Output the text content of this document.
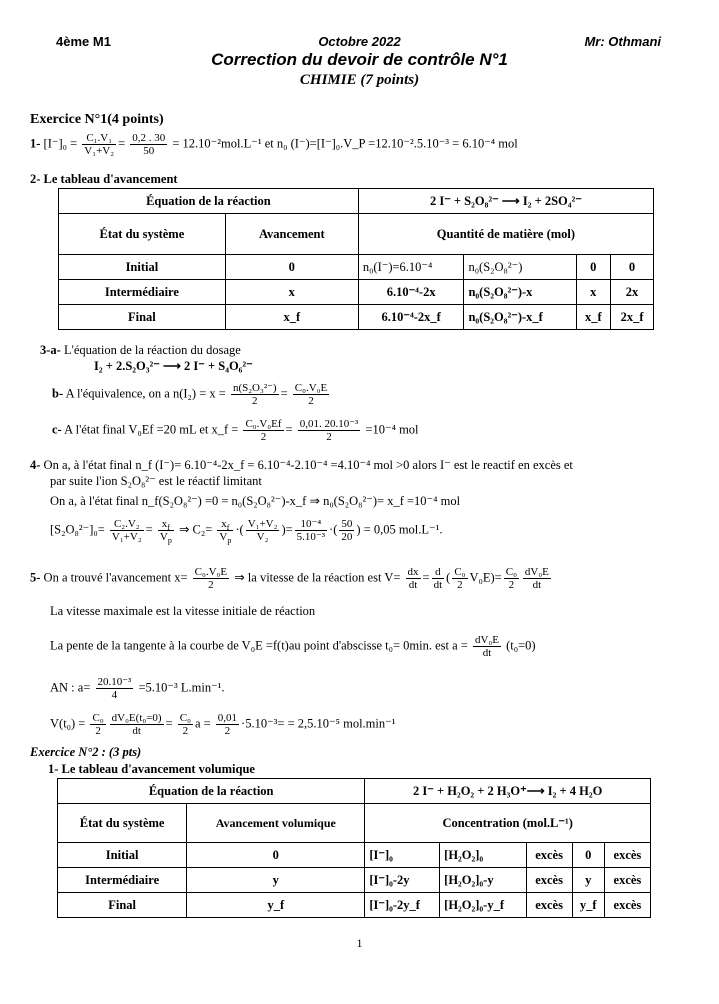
4ème M1	Octobre 2022	Mr: Othmani
Correction du devoir de contrôle N°1
CHIMIE (7 points)
Exercice N°1(4 points)
1- $[I^-]_0 = \frac{\text{C₁.V₁}}{\text{V₁+V₂}} = \frac{0,2 . 30}{50} = 12.10^{-2}mol.L^{-1}$ et n₀ (I⁻)=[I⁻]₀.V_P =12.10⁻².5.10⁻³ = 6.10⁻⁴ mol
2- Le tableau d'avancement
Équation de la réaction		2 I⁻ + S₂O₈²⁻ ⟶ I₂ + 2SO₄²⁻			
État du système	Avancement	Quantité de matière (mol)			
Initial	0	n₀(I⁻)=6.10⁻⁴	n₀(S₂O₈²⁻)	0	0
Intermédiaire	x	6.10⁻⁴-2x	n₀(S₂O₈²⁻)-x	x	2x
Final	x_f	6.10⁻⁴-2x_f	n₀(S₂O₈²⁻)-x_f	x_f	2x_f
3-a- L'équation de la réaction du dosage
I₂ + 2.S₂O₃²⁻ ⟶ 2 I⁻ + S₄O₆²⁻
b- A l'équivalence, on a $n(I_2) = x = \frac{\text{n(S₂O₃²⁻)}}{2} = \frac{\text{C₀.V₀E}}{2}$
c- A l'état final V₀Ef =20 mL et x_f = $\frac{\text{C₀.V₀Ef}}{2} = \frac{\text{0,01. 20.10⁻³}}{2} =10^{-4}$ mol
4- On a, à l'état final n_f (I⁻)= 6.10⁻⁴-2x_f = 6.10⁻⁴-2.10⁻⁴ =4.10⁻⁴ mol >0 alors I⁻ est le reactif en excès et
par suite l'ion S₂O₈²⁻ est le réactif limitant
On a, à l'état final n_f(S₂O₈²⁻) =0 = n₀(S₂O₈²⁻)-x_f ⇒ n₀(S₂O₈²⁻)= x_f =10⁻⁴ mol
$[S_2O_8^{2-}]_0= \frac{\text{C₂.V₂}}{\text{V₁+V₂}} = \frac{x_f}{V_p}$ ⇒ $C_2= \frac{x_f}{V_p}$ ·( $\frac{\text{V₁+V₂}}{\text{V₂}}$ )= $\frac{\text{10⁻⁴}}{\text{5.10⁻³}}$ ·( $\frac{50}{20}$ ) = 0,05 mol.L⁻¹.
5- On a trouvé l'avancement $x= \frac{\text{C₀.V₀E}}{2}$ ⇒ la vitesse de la réaction est $V= \frac{dx}{dt} = \frac{d}{dt}$ ( $\frac{\text{C₀}}{2} V_0E)= \frac{\text{C₀}}{2} \frac{\text{dV₀E}}{dt}$
La vitesse maximale est la vitesse initiale de réaction
La pente de la tangente à la courbe de V₀E =f(t)au point d'abscisse t₀= 0min. est $a = \frac{\text{dV₀E}}{dt} (t_0=0)$
AN : $a= \frac{\text{20.10⁻³}}{4} =5.10^{-3}$ L.min⁻¹.
$V(t_0) = \frac{\text{C₀}}{2} \frac{\text{dV₀E(t₀=0)}}{dt} = \frac{\text{C₀}}{2}$ $a = \frac{0,01}{2} \cdot 5.10^{-3}= = 2,5.10^{-5}$ mol.min⁻¹
Exercice N°2 : (3 pts)
1- Le tableau d'avancement volumique
Équation de la réaction		2 I⁻ + H₂O₂ + 2 H₃O⁺⟶ I₂ + 4 H₂O				
État du système	Avancement volumique	Concentration (mol.L⁻¹)				
Initial	0	[I⁻]₀	[H₂O₂]₀	excès	0	excès
Intermédiaire	y	[I⁻]₀-2y	[H₂O₂]₀-y	excès	y	excès
Final	y_f	[I⁻]₀-2y_f	[H₂O₂]₀-y_f	excès	y_f	excès
1
